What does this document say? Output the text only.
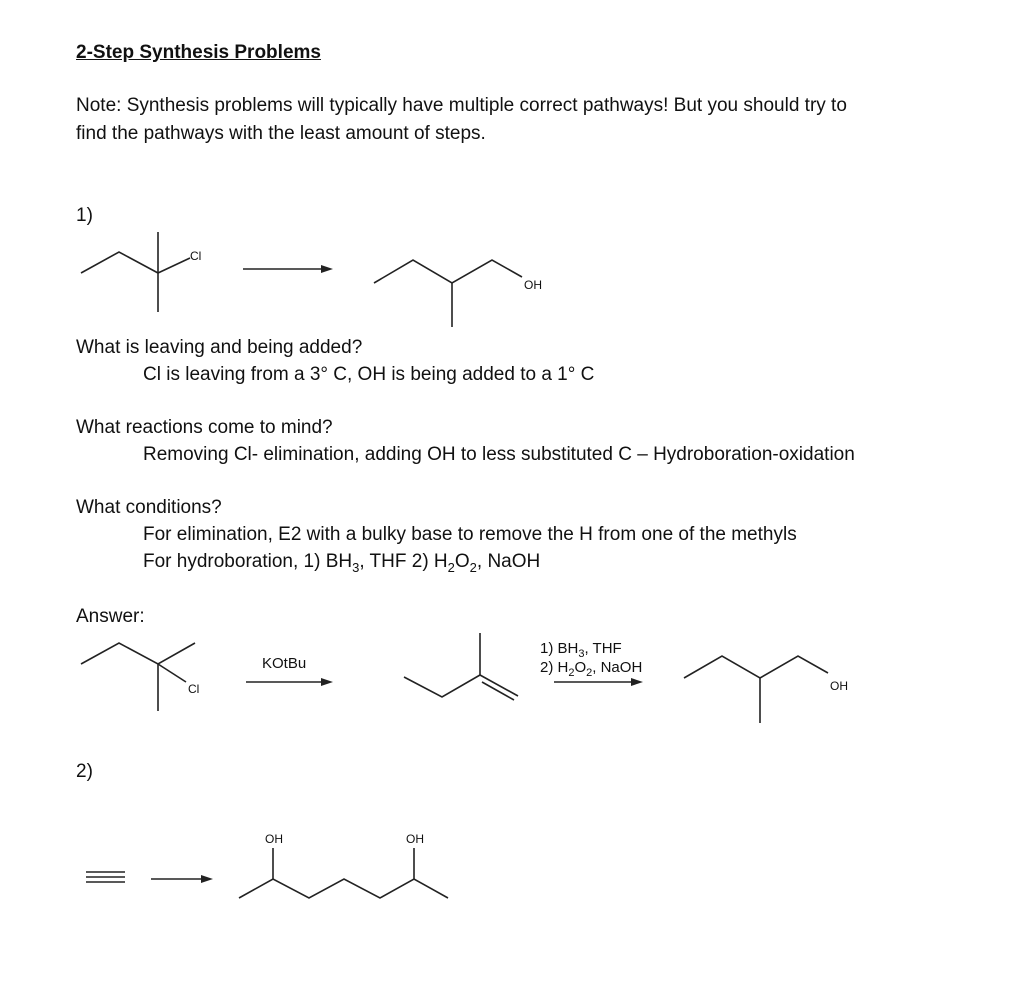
2-Step Synthesis Problems
Note: Synthesis problems will typically have multiple correct pathways! But you should try to
find the pathways with the least amount of steps.
1)
Cl
OH
Cl
KOtBu
1) $BH_3$, THF
2) $H_2O_2$, NaOH
OH
OH	OH
What is leaving and being added?
Cl is leaving from a 3° C, OH is being added to a 1° C
What reactions come to mind?
Removing Cl- elimination, adding OH to less substituted C – Hydroboration-oxidation
What conditions?
For elimination, E2 with a bulky base to remove the H from one of the methyls
For hydroboration, 1) $BH_3$, THF 2) $H_2O_2$, NaOH
Answer:
2)
